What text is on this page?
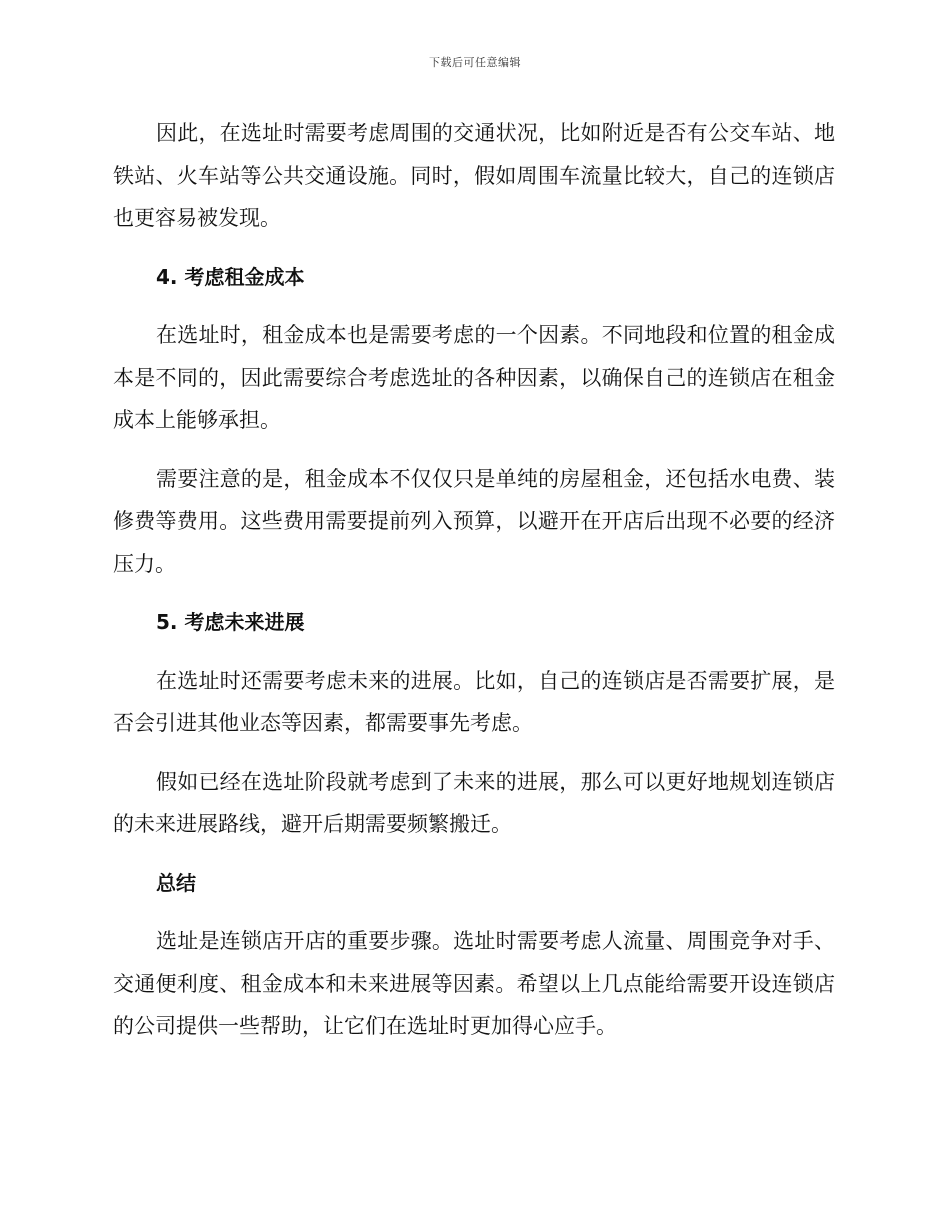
下载后可任意编辑

因此，在选址时需要考虑周围的交通状况，比如附近是否有公交车站、地铁站、火车站等公共交通设施。同时，假如周围车流量比较大，自己的连锁店也更容易被发现。

4. 考虑租金成本

在选址时，租金成本也是需要考虑的一个因素。不同地段和位置的租金成本是不同的，因此需要综合考虑选址的各种因素，以确保自己的连锁店在租金成本上能够承担。

需要注意的是，租金成本不仅仅只是单纯的房屋租金，还包括水电费、装修费等费用。这些费用需要提前列入预算，以避开在开店后出现不必要的经济压力。

5. 考虑未来进展

在选址时还需要考虑未来的进展。比如，自己的连锁店是否需要扩展，是否会引进其他业态等因素，都需要事先考虑。

假如已经在选址阶段就考虑到了未来的进展，那么可以更好地规划连锁店的未来进展路线，避开后期需要频繁搬迁。

总结

选址是连锁店开店的重要步骤。选址时需要考虑人流量、周围竞争对手、交通便利度、租金成本和未来进展等因素。希望以上几点能给需要开设连锁店的公司提供一些帮助，让它们在选址时更加得心应手。
